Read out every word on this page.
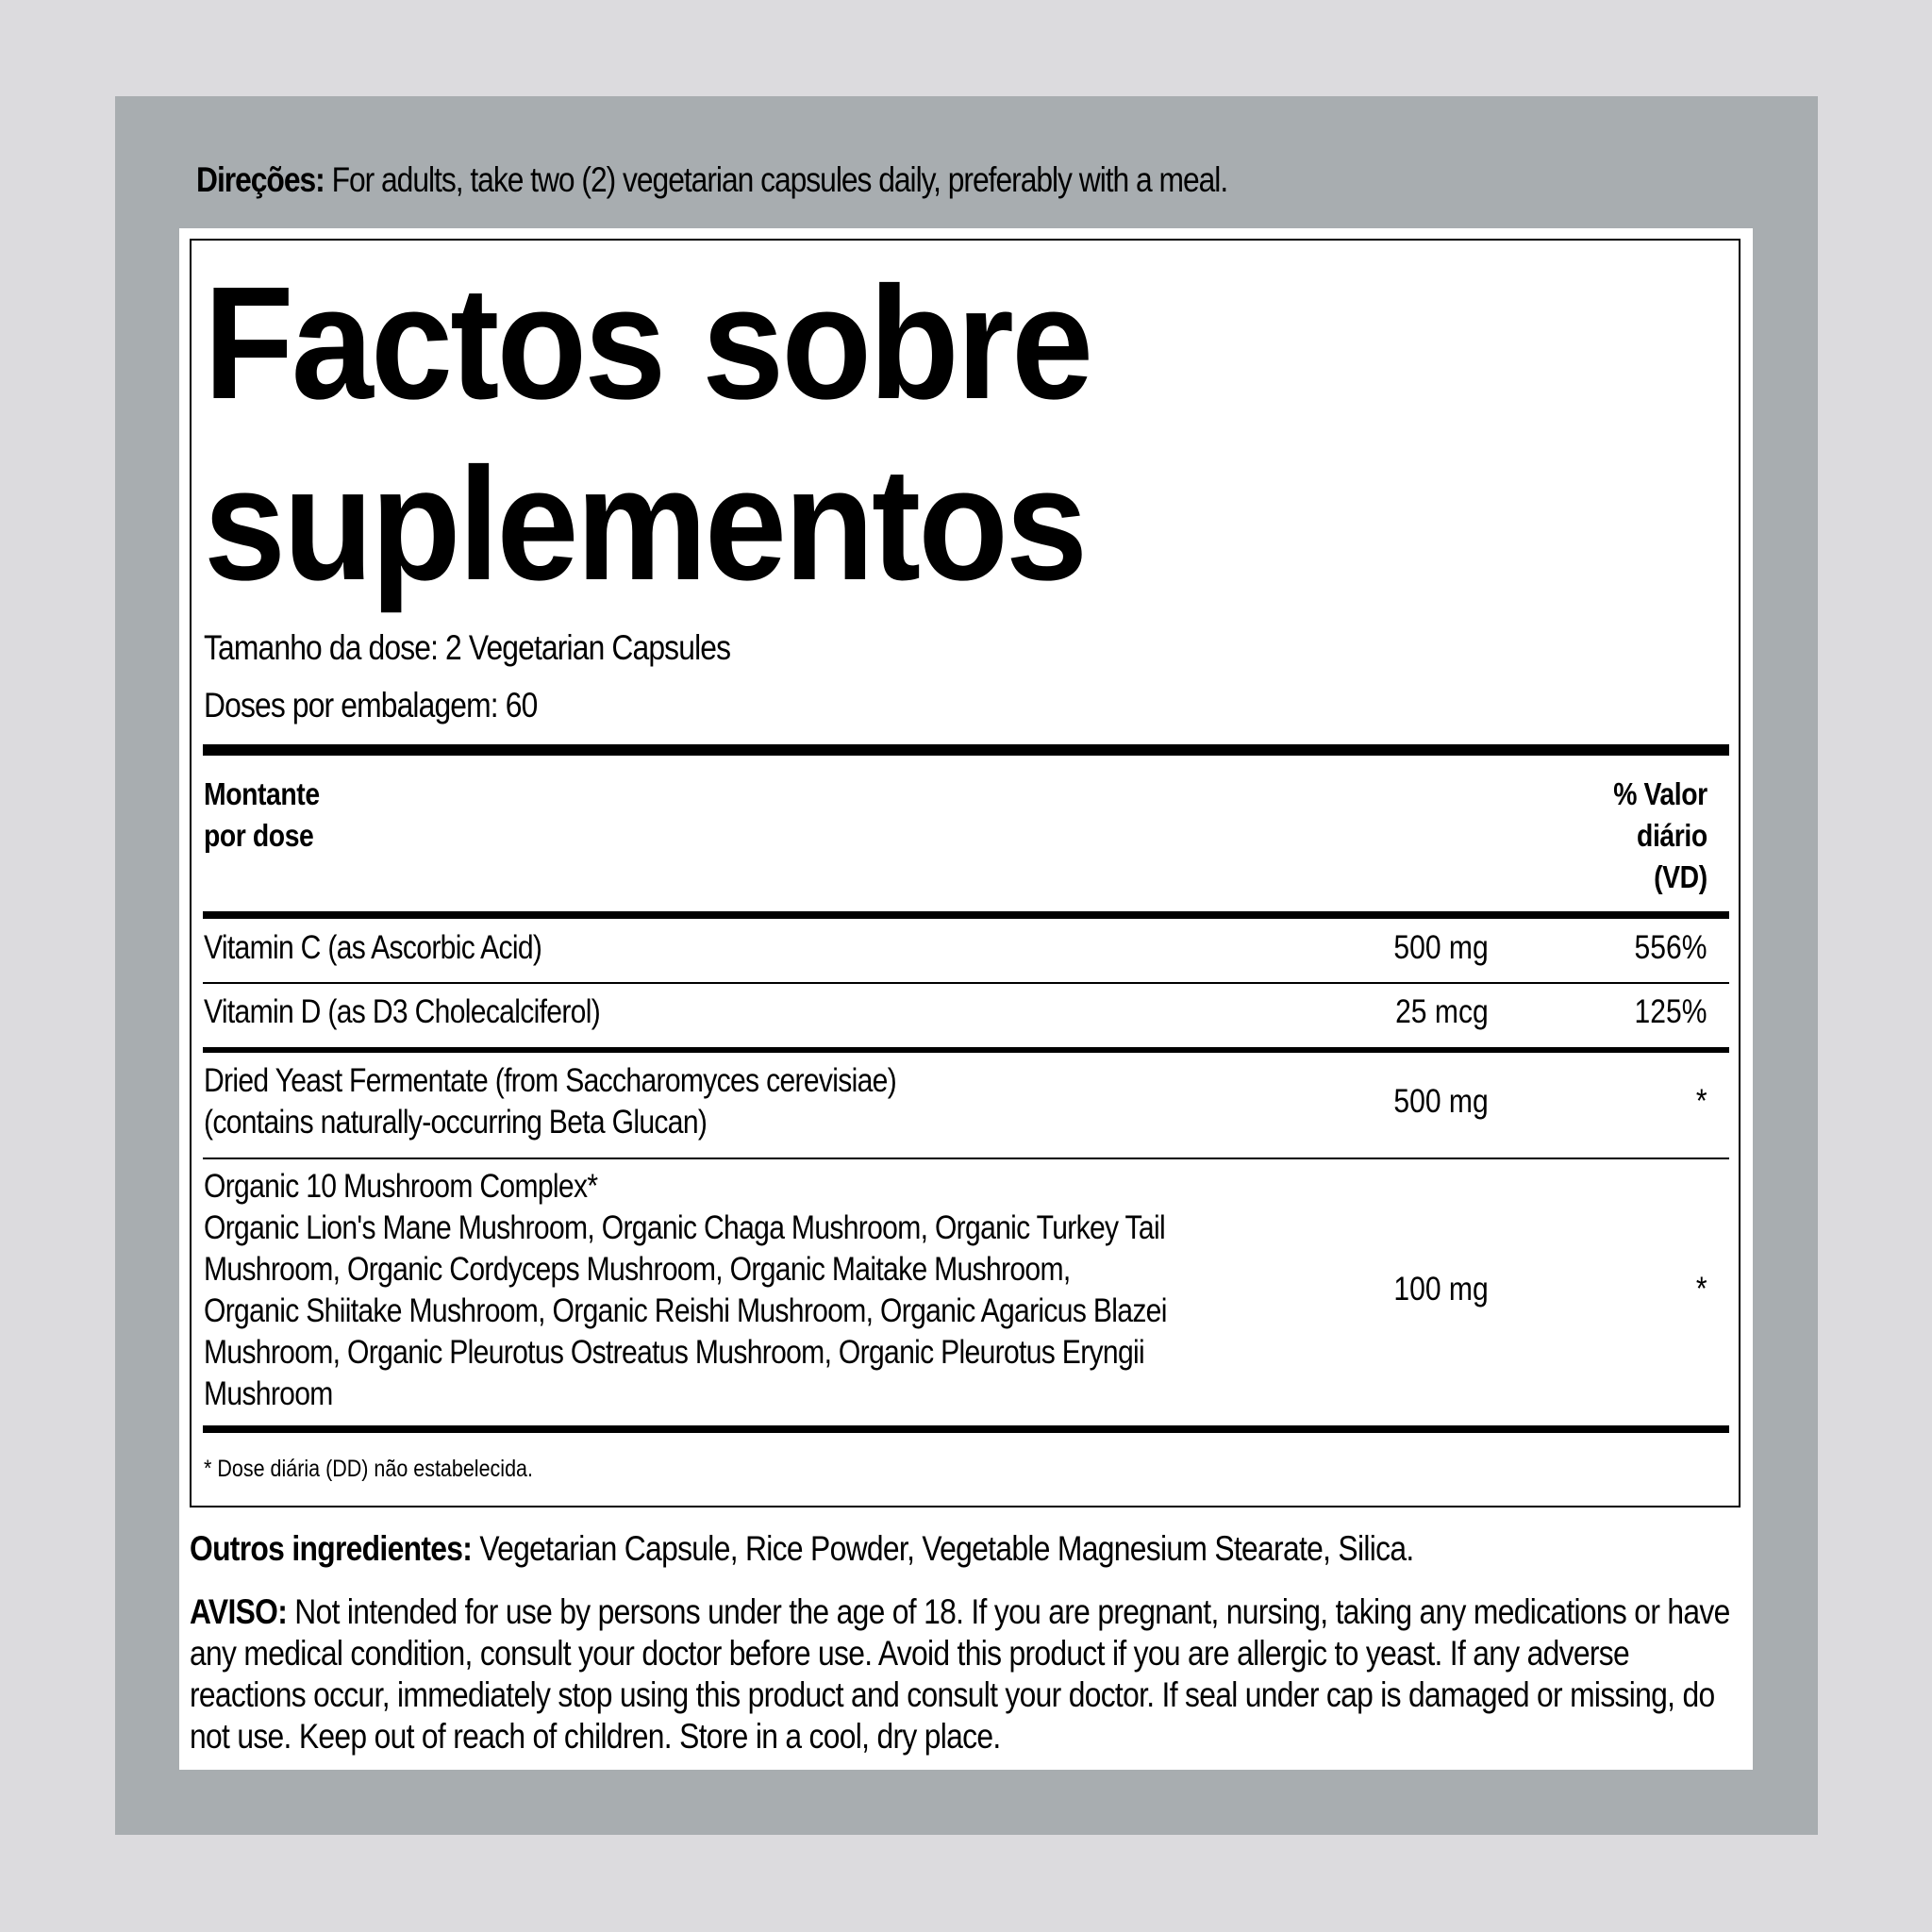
Direções: For adults, take two (2) vegetarian capsules daily, preferably with a meal.
Factos sobre
suplementos
Tamanho da dose: 2 Vegetarian Capsules
Doses por embalagem: 60
Montante
por dose
% Valor
diário
(VD)
Vitamin C (as Ascorbic Acid)	500 mg	556%
Vitamin D (as D3 Cholecalciferol)	25 mcg	125%
Dried Yeast Fermentate (from Saccharomyces cerevisiae)
(contains naturally-occurring Beta Glucan)
500 mg	*
Organic 10 Mushroom Complex*
Organic Lion's Mane Mushroom, Organic Chaga Mushroom, Organic Turkey Tail
Mushroom, Organic Cordyceps Mushroom, Organic Maitake Mushroom,
Organic Shiitake Mushroom, Organic Reishi Mushroom, Organic Agaricus Blazei
Mushroom, Organic Pleurotus Ostreatus Mushroom, Organic Pleurotus Eryngii
Mushroom
100 mg	*
* Dose diária (DD) não estabelecida.
Outros ingredientes: Vegetarian Capsule, Rice Powder, Vegetable Magnesium Stearate, Silica.
AVISO: Not intended for use by persons under the age of 18. If you are pregnant, nursing, taking any medications or have
any medical condition, consult your doctor before use. Avoid this product if you are allergic to yeast. If any adverse
reactions occur, immediately stop using this product and consult your doctor. If seal under cap is damaged or missing, do
not use. Keep out of reach of children. Store in a cool, dry place.
